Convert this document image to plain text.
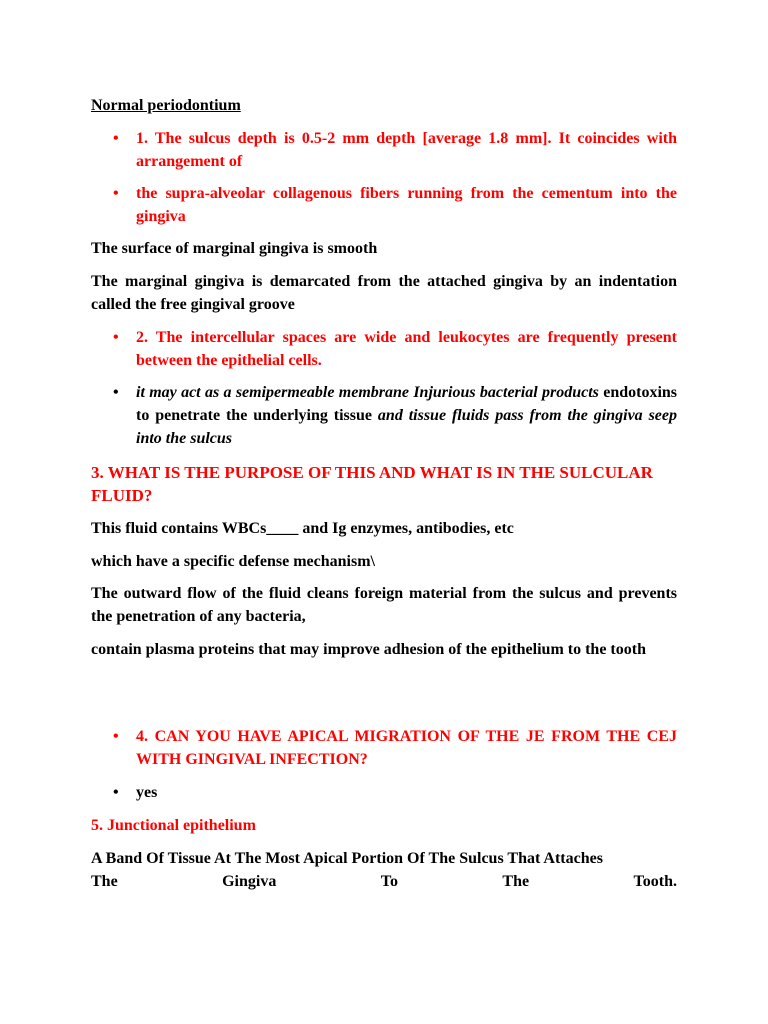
Normal periodontium

• 1. The sulcus depth is 0.5-2 mm depth [average 1.8 mm]. It coincides with arrangement of

• the supra-alveolar collagenous fibers running from the cementum into the gingiva

The surface of marginal gingiva is smooth

The marginal gingiva is demarcated from the attached gingiva by an indentation called the free gingival groove

• 2. The intercellular spaces are wide and leukocytes are frequently present between the epithelial cells.

• it may act as a semipermeable membrane Injurious bacterial products endotoxins to penetrate the underlying tissue and tissue fluids pass from the gingiva seep into the sulcus

3. WHAT IS THE PURPOSE OF THIS AND WHAT IS IN THE SULCULAR FLUID?

This fluid contains WBCs____ and Ig enzymes, antibodies, etc

which have a specific defense mechanism\

The outward flow of the fluid cleans foreign material from the sulcus and prevents the penetration of any bacteria,

contain plasma proteins that may improve adhesion of the epithelium to the tooth

• 4. CAN YOU HAVE APICAL MIGRATION OF THE JE FROM THE CEJ WITH GINGIVAL INFECTION?

• yes

5. Junctional epithelium

A Band Of Tissue At The Most Apical Portion Of The Sulcus That Attaches
The	Gingiva	To	The	Tooth.
